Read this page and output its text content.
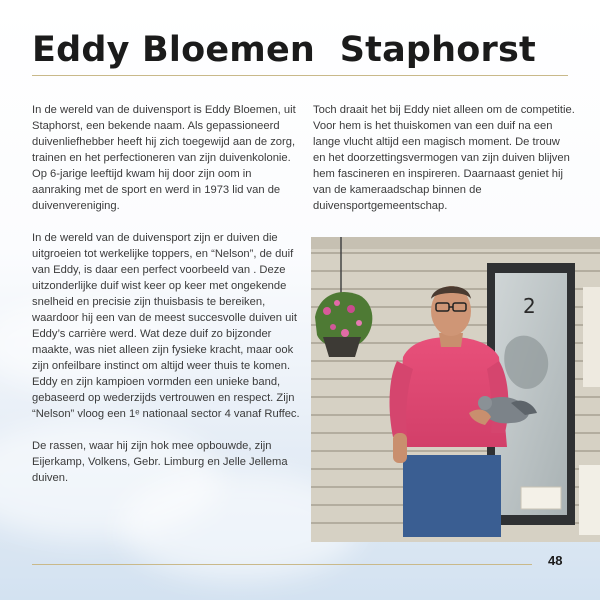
Eddy Bloemen  Staphorst

In de wereld van de duivensport is Eddy Bloemen, uit Staphorst, een bekende naam. Als gepassioneerd duivenliefhebber heeft hij zich toegewijd aan de zorg, trainen en het perfectioneren van zijn duivenkolonie. Op 6-jarige leeftijd kwam hij door zijn oom in aanraking met de sport en werd in 1973 lid van de duivenvereniging.

In de wereld van de duivensport zijn er duiven die uitgroeien tot werkelijke toppers, en “Nelson”, de duif van Eddy, is daar een perfect voorbeeld van . Deze uitzonderlijke duif wist keer op keer met ongekende snelheid en precisie zijn thuisbasis te bereiken, waardoor hij een van de meest succesvolle duiven uit Eddy’s carrière werd. Wat deze duif zo bijzonder maakte, was niet alleen zijn fysieke kracht, maar ook zijn onfeilbare instinct om altijd weer thuis te komen. Eddy en zijn kampioen vormden een unieke band, gebaseerd op wederzijds vertrouwen en respect. Zijn “Nelson” vloog een 1ᵉ nationaal sector 4 vanaf Ruffec.

De rassen, waar hij zijn hok mee opbouwde, zijn Eijerkamp, Volkens, Gebr. Limburg en Jelle Jellema duiven.

Toch draait het bij Eddy niet alleen om de competitie. Voor hem is het thuiskomen van een duif na een lange vlucht altijd een magisch moment. De trouw en het doorzettingsvermogen van zijn duiven blijven hem fascineren en inspireren. Daarnaast geniet hij van de kameraadschap binnen de duivensportgemeentschap.

2
48
